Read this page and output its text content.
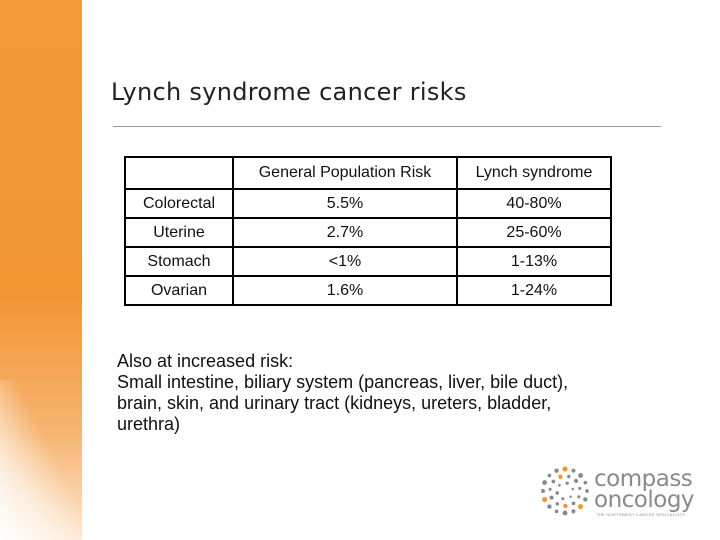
Lynch syndrome cancer risks
	General Population Risk	Lynch syndrome
Colorectal	5.5%	40-80%
Uterine	2.7%	25-60%
Stomach	<1%	1-13%
Ovarian	1.6%	1-24%
Also at increased risk:
Small intestine, biliary system (pancreas, liver, bile duct),
brain, skin, and urinary tract (kidneys, ureters, bladder,
urethra)
compass
oncology
THE NORTHWEST CANCER SPECIALISTS
